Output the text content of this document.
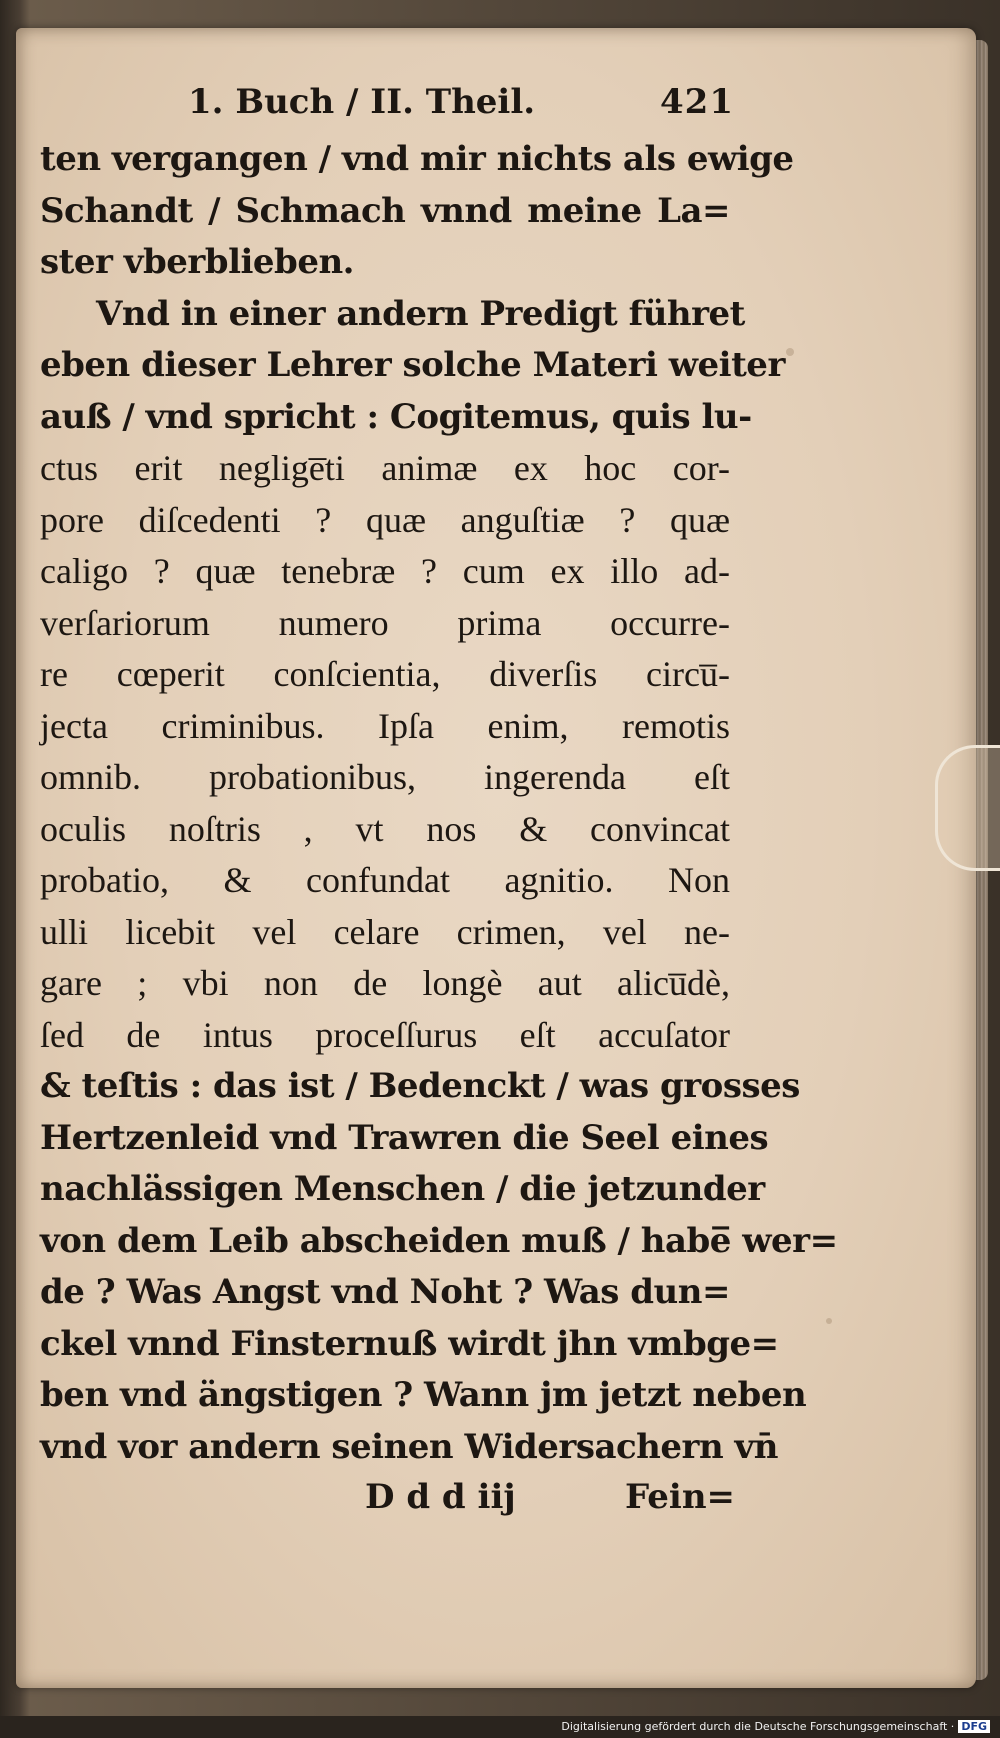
1. Buch / II. Theil.	421
ten vergangen / vnd mir nichts als ewige
Schandt / Schmach vnnd meine La=
ster vberblieben.
Vnd in einer andern Predigt führet
eben dieser Lehrer solche Materi weiter
auß / vnd spricht : Cogitemus, quis lu-
ctus erit neglige̅ti animæ ex hoc cor-
pore diſcedenti ? quæ anguſtiæ ? quæ
caligo ? quæ tenebræ ? cum ex illo ad-
verſariorum numero prima occurre-
re cœperit conſcientia, diverſis circu̅-
jecta criminibus. Ipſa enim, remotis
omnib. probationibus, ingerenda eſt
oculis noſtris , vt nos & convincat
probatio, & confundat agnitio. Non
ulli licebit vel celare crimen, vel ne-
gare ; vbi non de longè aut alicu̅dè,
ſed de intus proceſſurus eſt accuſator
& teſtis : das ist / Bedenckt / was grosses
Hertzenleid vnd Trawren die Seel eines
nachlässigen Menschen / die jetzunder
von dem Leib abscheiden muß / habe̅ wer=
de ? Was Angst vnd Noht ? Was dun=
ckel vnnd Finsternuß wirdt jhn vmbge=
ben vnd ängstigen ? Wann jm jetzt neben
vnd vor andern seinen Widersachern vn̄
D d d iij	Fein=
Digitalisierung gefördert durch die Deutsche Forschungsgemeinschaft · DFG
